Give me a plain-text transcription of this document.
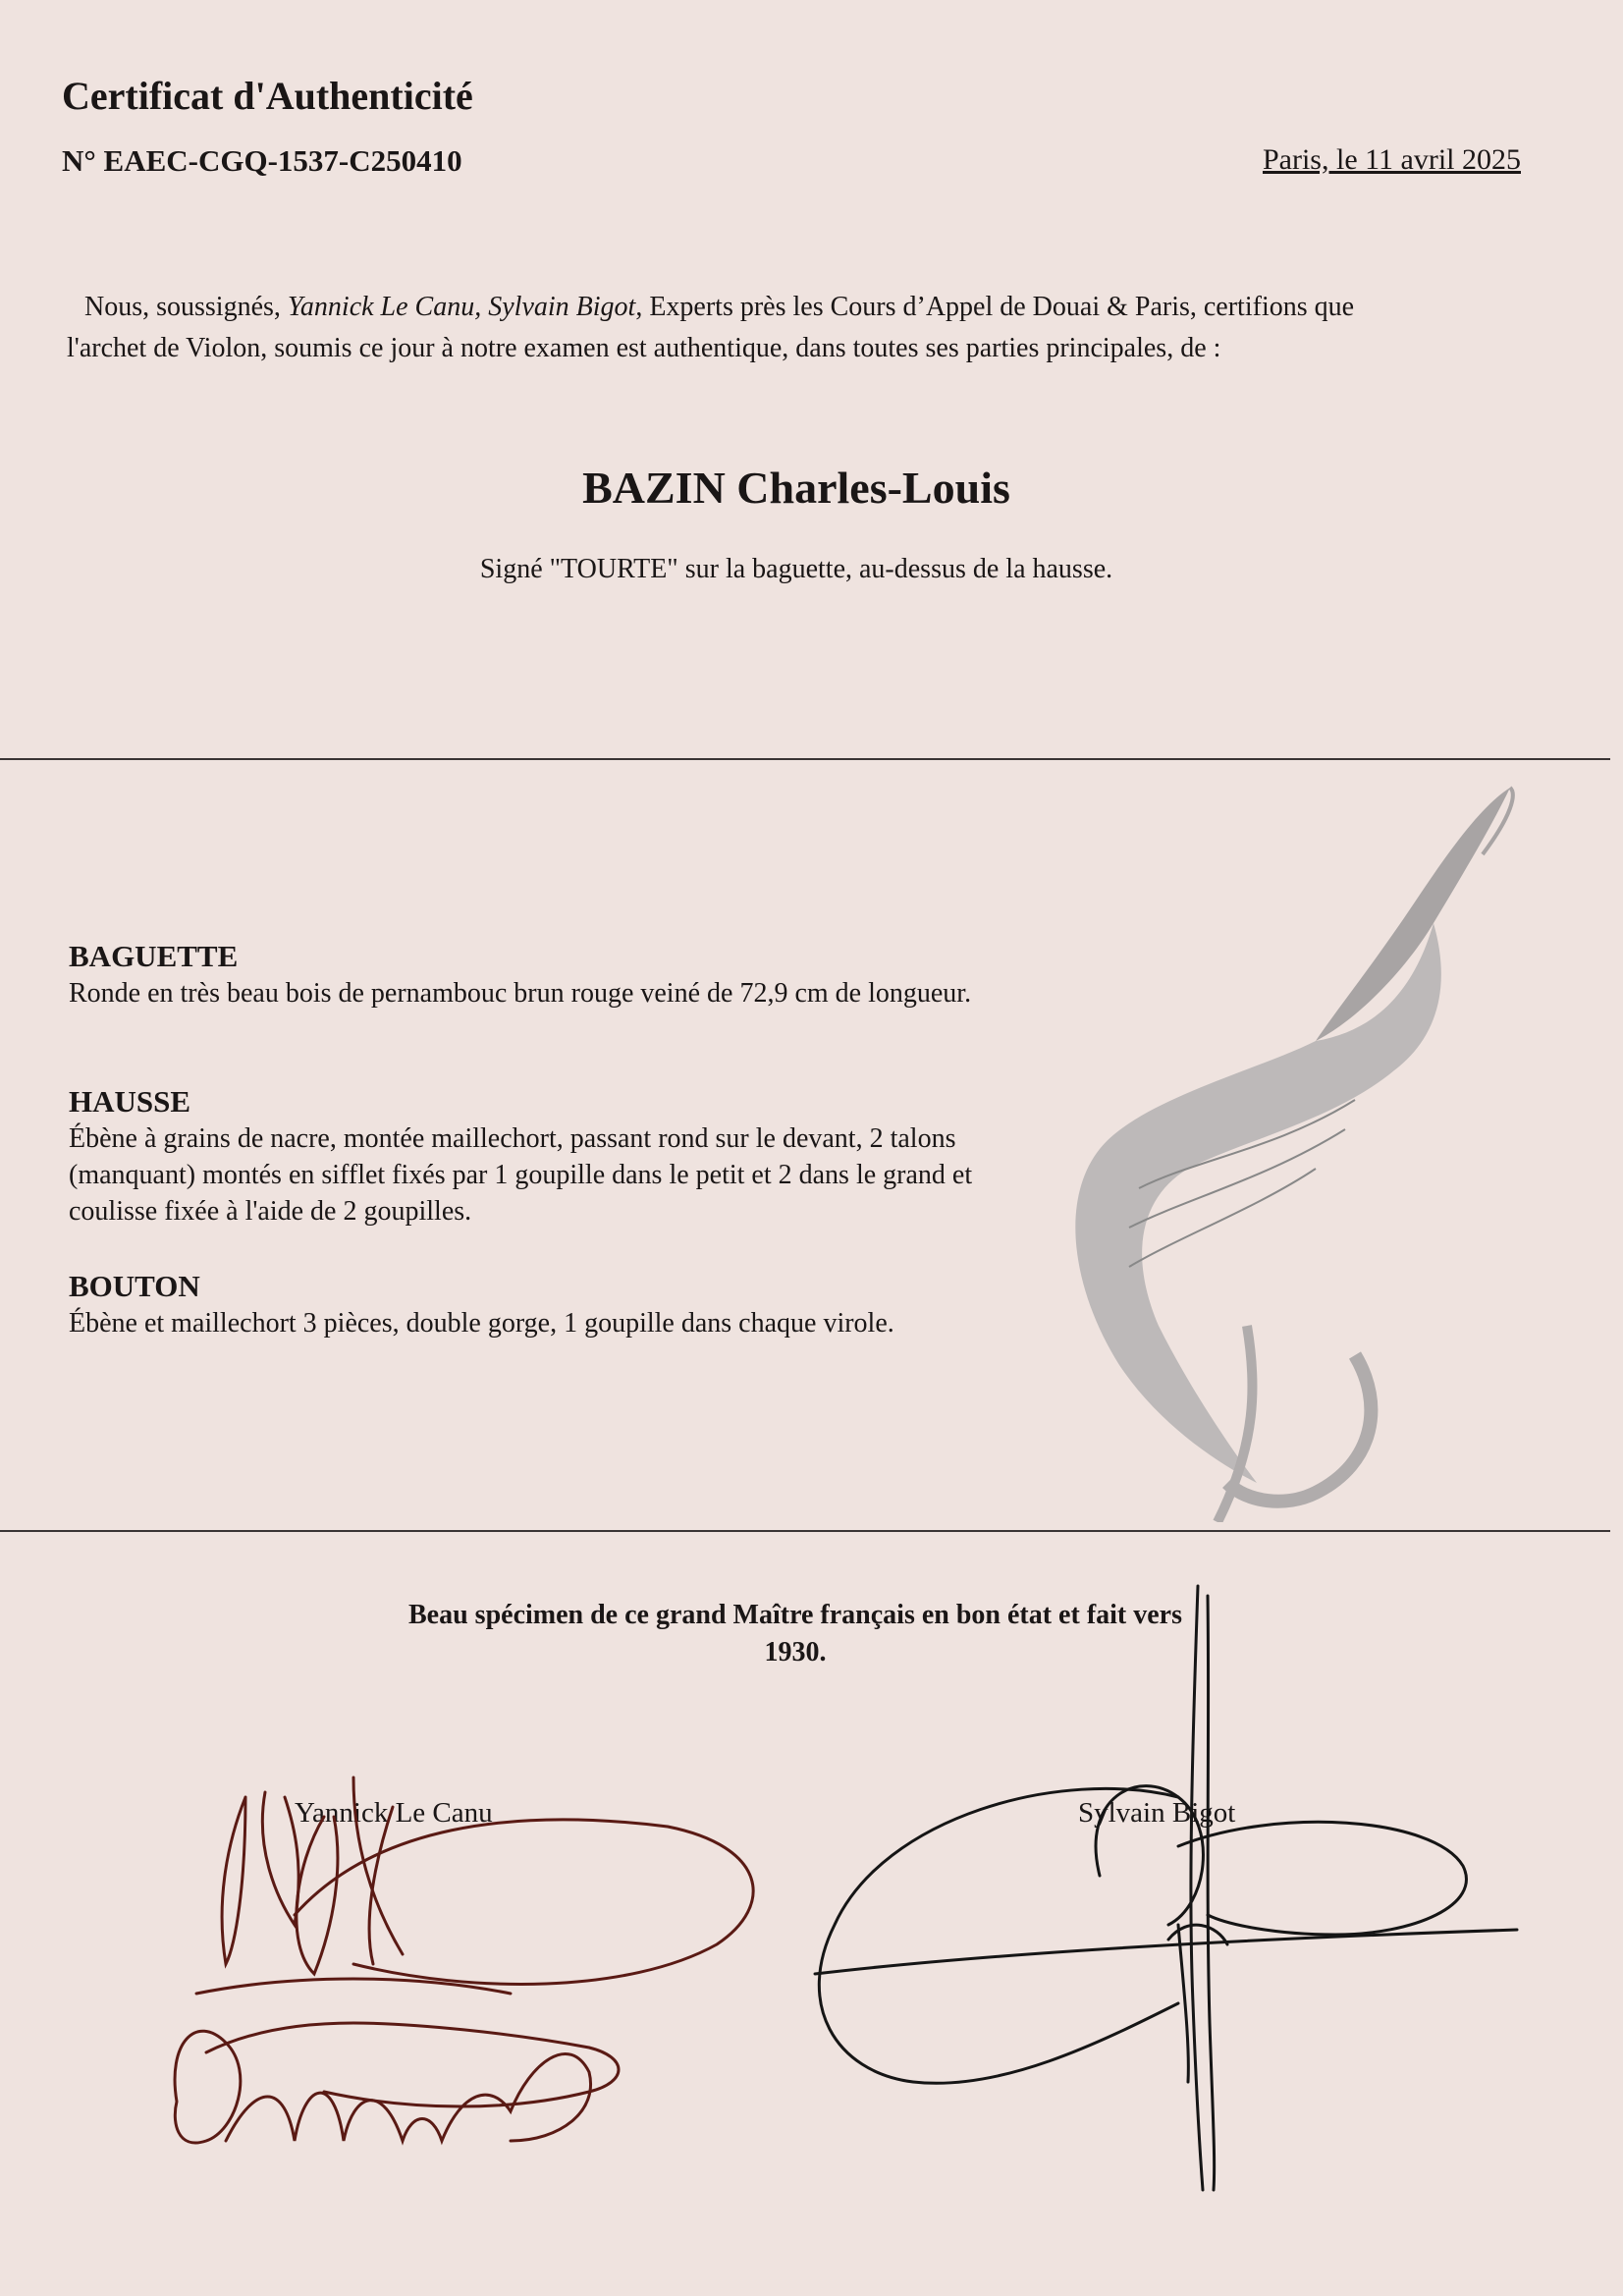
Certificat d'Authenticité
N° EAEC-CGQ-1537-C250410	Paris, le 11 avril 2025
Nous, soussignés, Yannick Le Canu, Sylvain Bigot, Experts près les Cours d’Appel de Douai & Paris, certifions que
l'archet de Violon, soumis ce jour à notre examen est authentique, dans toutes ses parties principales, de :
BAZIN Charles-Louis
Signé "TOURTE" sur la baguette, au-dessus de la hausse.
BAGUETTE

Ronde en très beau bois de pernambouc brun rouge veiné de 72,9 cm de longueur.

HAUSSE

Ébène à grains de nacre, montée maillechort, passant rond sur le devant, 2 talons (manquant) montés en sifflet fixés par 1 goupille dans le petit et 2 dans le grand et coulisse fixée à l'aide de 2 goupilles.

BOUTON

Ébène et maillechort 3 pièces, double gorge, 1 goupille dans chaque virole.

Beau spécimen de ce grand Maître français en bon état et fait vers
1930.
Yannick Le Canu	Sylvain Bigot
